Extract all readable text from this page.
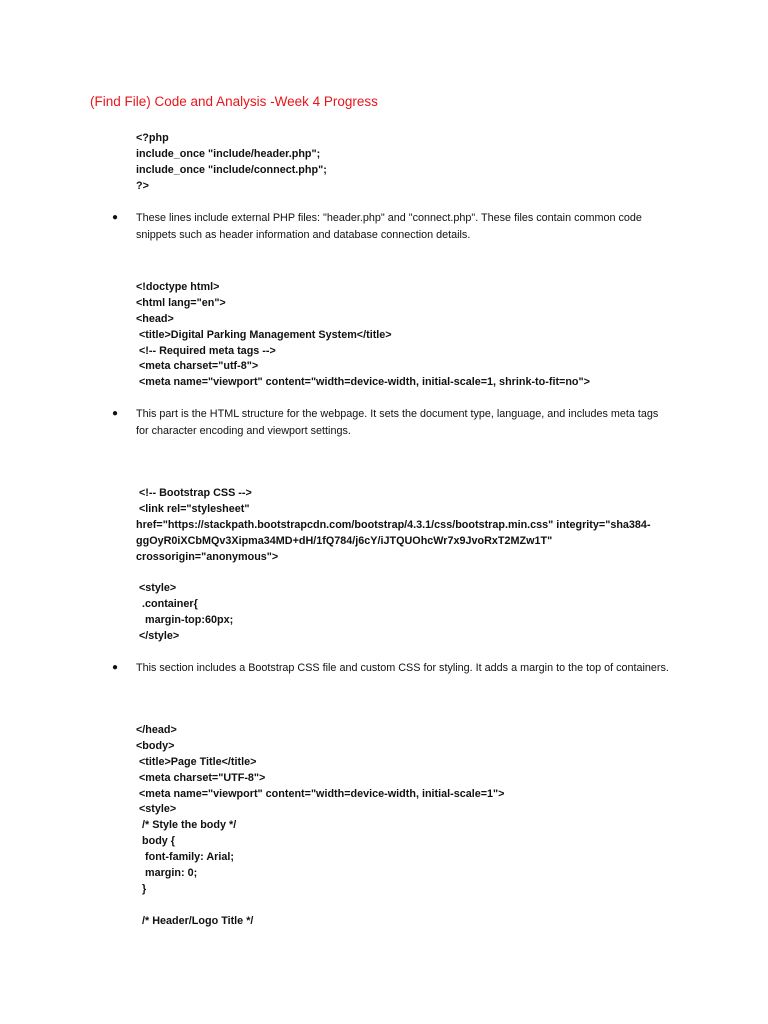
(Find File) Code and Analysis -Week 4 Progress
<?php
include_once "include/header.php";
include_once "include/connect.php";
?>
● These lines include external PHP files: "header.php" and "connect.php". These files contain common code snippets such as header information and database connection details.
<!doctype html>
<html lang="en">
<head>
<title>Digital Parking Management System</title>
<!-- Required meta tags -->
<meta charset="utf-8">
<meta name="viewport" content="width=device-width, initial-scale=1, shrink-to-fit=no">
● This part is the HTML structure for the webpage. It sets the document type, language, and includes meta tags for character encoding and viewport settings.
<!-- Bootstrap CSS -->
<link rel="stylesheet"
href="https://stackpath.bootstrapcdn.com/bootstrap/4.3.1/css/bootstrap.min.css" integrity="sha384-
ggOyR0iXCbMQv3Xipma34MD+dH/1fQ784/j6cY/iJTQUOhcWr7x9JvoRxT2MZw1T"
crossorigin="anonymous">
<style>
.container{
margin-top:60px;
</style>
● This section includes a Bootstrap CSS file and custom CSS for styling. It adds a margin to the top of containers.
</head>
<body>
<title>Page Title</title>
<meta charset="UTF-8">
<meta name="viewport" content="width=device-width, initial-scale=1">
<style>
/* Style the body */
body {
font-family: Arial;
margin: 0;
}
/* Header/Logo Title */
